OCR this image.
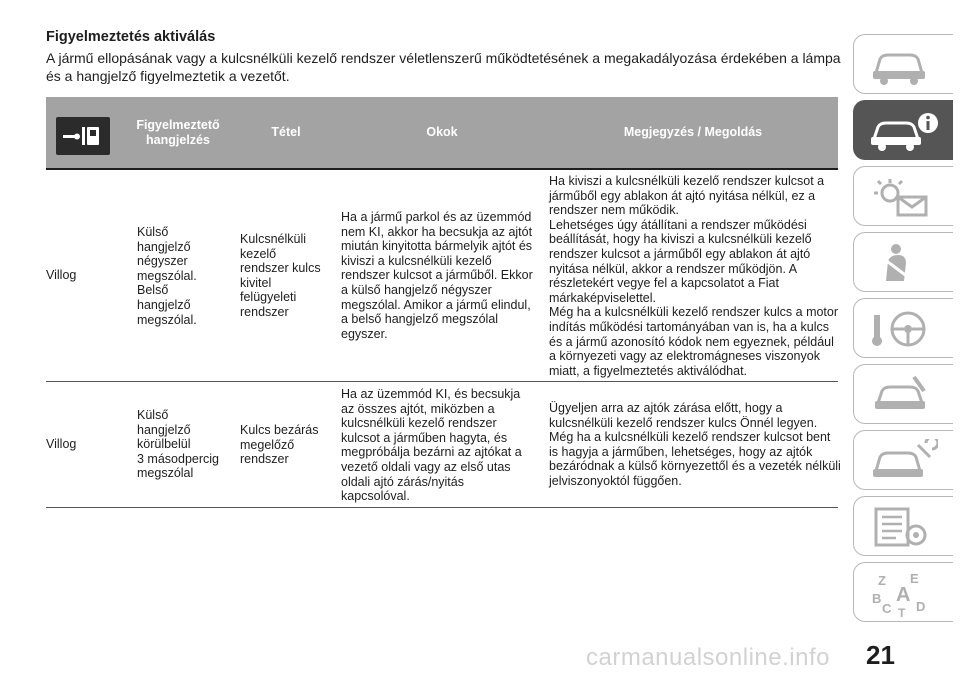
Figyelmeztetés aktiválás
A jármű ellopásának vagy a kulcsnélküli kezelő rendszer véletlenszerű működtetésének a megakadályozása érdekében a lámpa és a hangjelző figyelmeztetik a vezetőt.
Figyelmeztető hangjelzés
Tétel	Okok	Megjegyzés / Megoldás
Villog
Külső
hangjelző
négyszer
megszólal.
Belső
hangjelző
megszólal.
Kulcsnélküli
kezelő
rendszer kulcs
kivitel
felügyeleti
rendszer
Ha a jármű parkol és az üzemmód
nem KI, akkor ha becsukja az ajtót
miután kinyitotta bármelyik ajtót és
kiviszi a kulcsnélküli kezelő
rendszer kulcsot a járműből. Ekkor
a külső hangjelző négyszer
megszólal. Amikor a jármű elindul,
a belső hangjelző megszólal
egyszer.
Ha kiviszi a kulcsnélküli kezelő rendszer kulcsot a
járműből egy ablakon át ajtó nyitása nélkül, ez a
rendszer nem működik.
Lehetséges úgy átállítani a rendszer működési
beállítását, hogy ha kiviszi a kulcsnélküli kezelő
rendszer kulcsot a járműből egy ablakon át ajtó
nyitása nélkül, akkor a rendszer működjön. A
részletekért vegye fel a kapcsolatot a Fiat
márkaképviselettel.
Még ha a kulcsnélküli kezelő rendszer kulcs a motor
indítás működési tartományában van is, ha a kulcs
és a jármű azonosító kódok nem egyeznek, például
a környezeti vagy az elektromágneses viszonyok
miatt, a figyelmeztetés aktiválódhat.
Villog
Külső
hangjelző
körülbelül
3 másodpercig
megszólal
Kulcs bezárás
megelőző
rendszer
Ha az üzemmód KI, és becsukja
az összes ajtót, miközben a
kulcsnélküli kezelő rendszer
kulcsot a járműben hagyta, és
megpróbálja bezárni az ajtókat a
vezető oldali vagy az első utas
oldali ajtó zárás/nyitás
kapcsolóval.
Ügyeljen arra az ajtók zárása előtt, hogy a
kulcsnélküli kezelő rendszer kulcs Önnél legyen.
Még ha a kulcsnélküli kezelő rendszer kulcsot bent
is hagyja a járműben, lehetséges, hogy az ajtók
bezáródnak a külső környezettől és a vezeték nélküli
jelviszonyoktól függően.
Z E
B A
C T D
carmanualsonline.info 21
